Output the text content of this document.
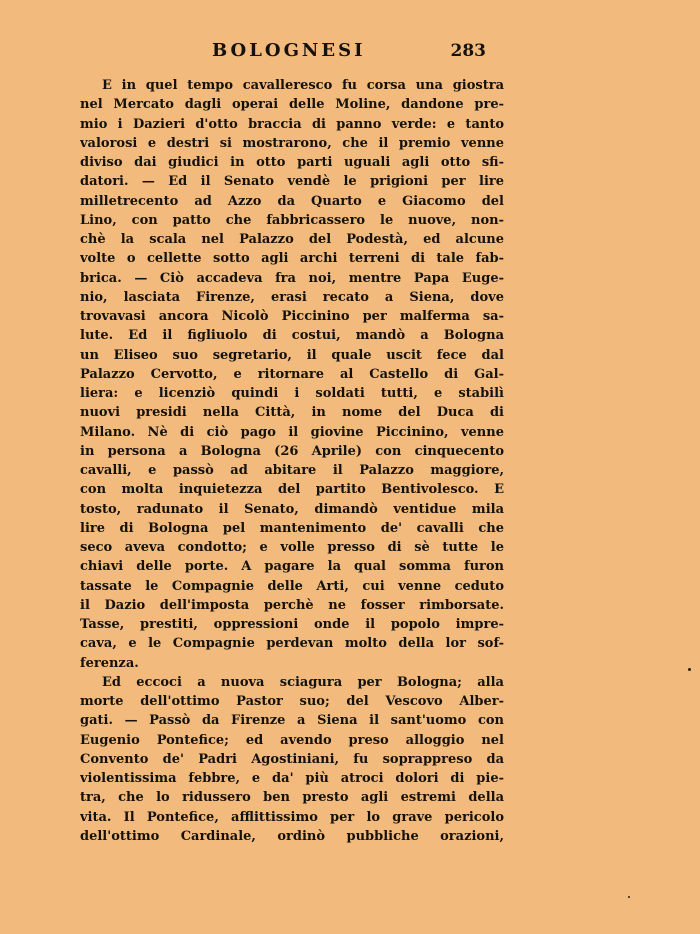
BOLOGNESI	283
E in quel tempo cavalleresco fu corsa una giostra
nel Mercato dagli operai delle Moline, dandone pre-
mio i Dazieri d'otto braccia di panno verde: e tanto
valorosi e destri si mostrarono, che il premio venne
diviso dai giudici in otto parti uguali agli otto sfi-
datori. — Ed il Senato vendè le prigioni per lire
milletrecento ad Azzo da Quarto e Giacomo del
Lino, con patto che fabbricassero le nuove, non-
chè la scala nel Palazzo del Podestà, ed alcune
volte o cellette sotto agli archi terreni di tale fab-
brica. — Ciò accadeva fra noi, mentre Papa Euge-
nio, lasciata Firenze, erasi recato a Siena, dove
trovavasi ancora Nicolò Piccinino per malferma sa-
lute. Ed il figliuolo di costui, mandò a Bologna
un Eliseo suo segretario, il quale uscit fece dal
Palazzo Cervotto, e ritornare al Castello di Gal-
liera: e licenziò quindi i soldati tutti, e stabilì
nuovi presidi nella Città, in nome del Duca di
Milano. Nè di ciò pago il giovine Piccinino, venne
in persona a Bologna (26 Aprile) con cinquecento
cavalli, e passò ad abitare il Palazzo maggiore,
con molta inquietezza del partito Bentivolesco. E
tosto, radunato il Senato, dimandò ventidue mila
lire di Bologna pel mantenimento de' cavalli che
seco aveva condotto; e volle presso di sè tutte le
chiavi delle porte. A pagare la qual somma furon
tassate le Compagnie delle Arti, cui venne ceduto
il Dazio dell'imposta perchè ne fosser rimborsate.
Tasse, prestiti, oppressioni onde il popolo impre-
cava, e le Compagnie perdevan molto della lor sof-
ferenza.
Ed eccoci a nuova sciagura per Bologna; alla
morte dell'ottimo Pastor suo; del Vescovo Alber-
gati. — Passò da Firenze a Siena il sant'uomo con
Eugenio Pontefice; ed avendo preso alloggio nel
Convento de' Padri Agostiniani, fu soprappreso da
violentissima febbre, e da' più atroci dolori di pie-
tra, che lo ridussero ben presto agli estremi della
vita. Il Pontefice, afflittissimo per lo grave pericolo
dell'ottimo Cardinale, ordinò pubbliche orazioni,
